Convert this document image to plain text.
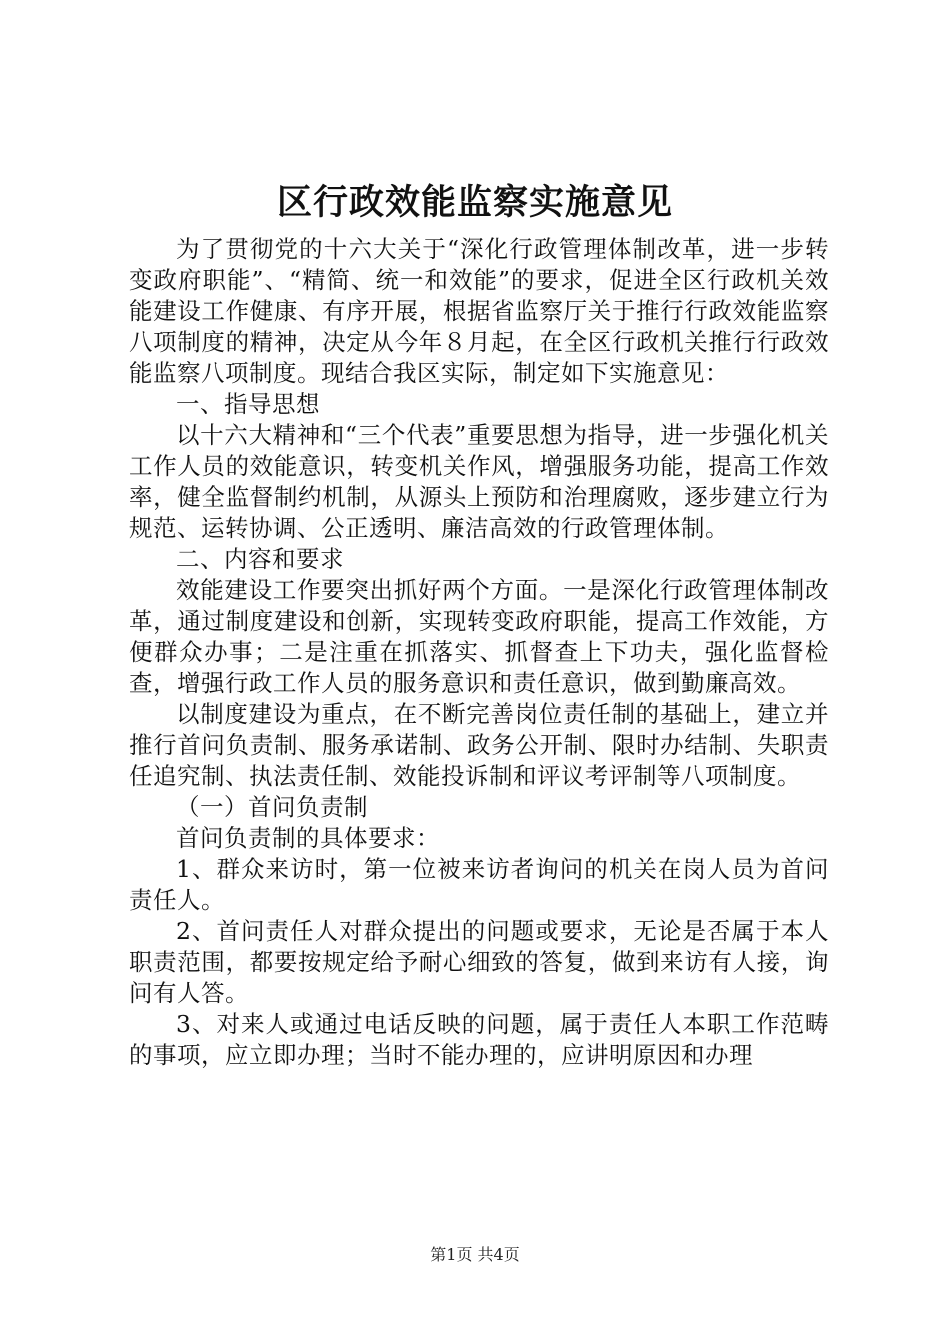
区行政效能监察实施意见

为了贯彻党的十六大关于“深化行政管理体制改革，进一步转变政府职能”、“精简、统一和效能”的要求，促进全区行政机关效能建设工作健康、有序开展，根据省监察厅关于推行行政效能监察八项制度的精神，决定从今年８月起，在全区行政机关推行行政效能监察八项制度。现结合我区实际，制定如下实施意见：

一、指导思想

以十六大精神和“三个代表”重要思想为指导，进一步强化机关工作人员的效能意识，转变机关作风，增强服务功能，提高工作效率，健全监督制约机制，从源头上预防和治理腐败，逐步建立行为规范、运转协调、公正透明、廉洁高效的行政管理体制。

二、内容和要求

效能建设工作要突出抓好两个方面。一是深化行政管理体制改革，通过制度建设和创新，实现转变政府职能，提高工作效能，方便群众办事；二是注重在抓落实、抓督查上下功夫，强化监督检查，增强行政工作人员的服务意识和责任意识，做到勤廉高效。

以制度建设为重点，在不断完善岗位责任制的基础上，建立并推行首问负责制、服务承诺制、政务公开制、限时办结制、失职责任追究制、执法责任制、效能投诉制和评议考评制等八项制度。

（一）首问负责制

首问负责制的具体要求：

1、群众来访时，第一位被来访者询问的机关在岗人员为首问责任人。

2、首问责任人对群众提出的问题或要求，无论是否属于本人职责范围，都要按规定给予耐心细致的答复，做到来访有人接，询问有人答。

3、对来人或通过电话反映的问题，属于责任人本职工作范畴的事项，应立即办理；当时不能办理的，应讲明原因和办理

第1页 共4页
